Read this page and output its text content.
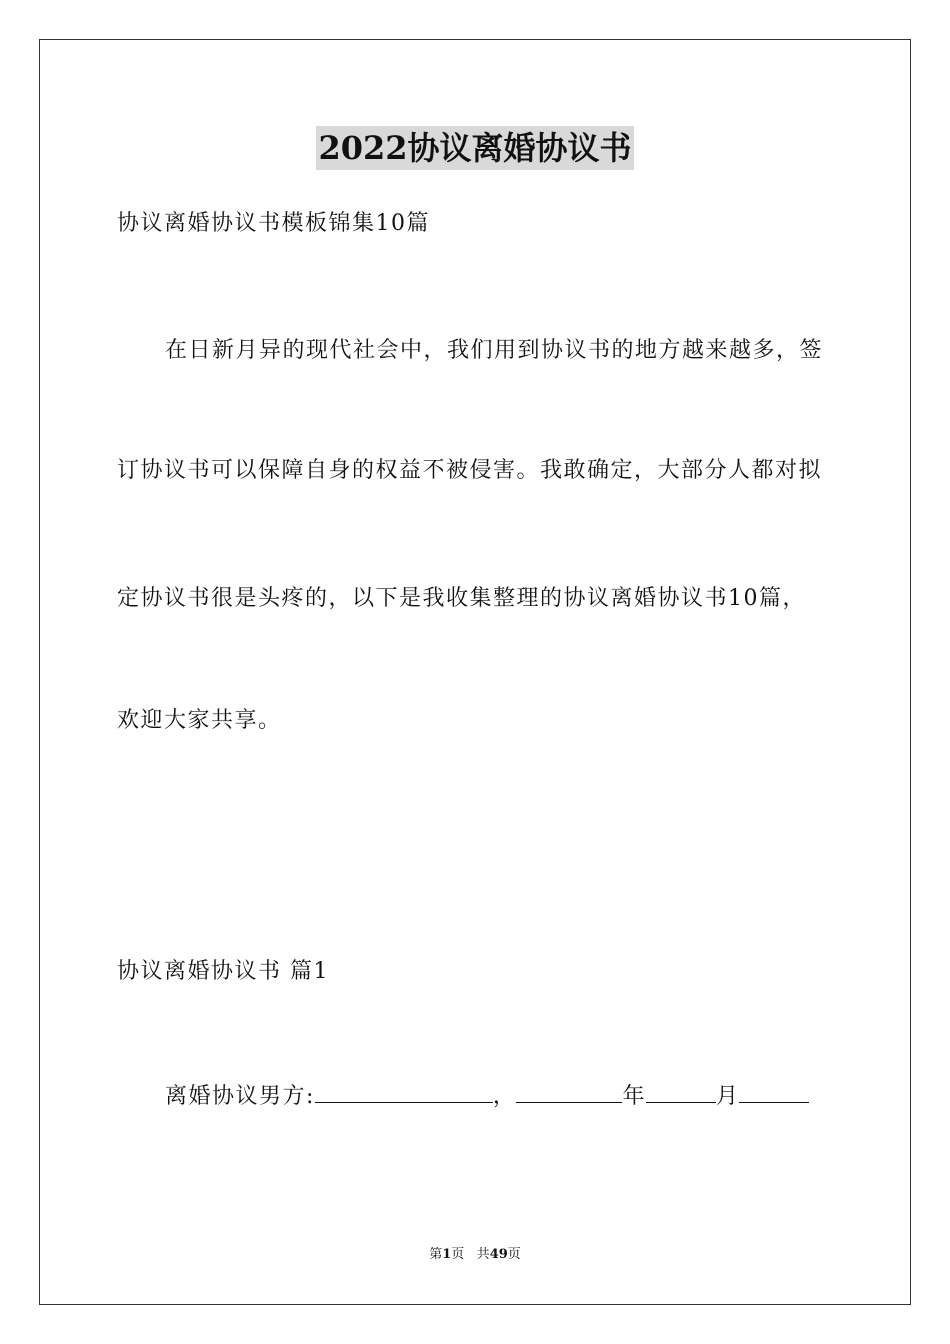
2022协议离婚协议书
协议离婚协议书模板锦集10篇
在日新月异的现代社会中，我们用到协议书的地方越来越多，签
订协议书可以保障自身的权益不被侵害。我敢确定，大部分人都对拟
定协议书很是头疼的，以下是我收集整理的协议离婚协议书10篇，
欢迎大家共享。
协议离婚协议书 篇1
离婚协议男方:	，	年	月
第1页 共49页
